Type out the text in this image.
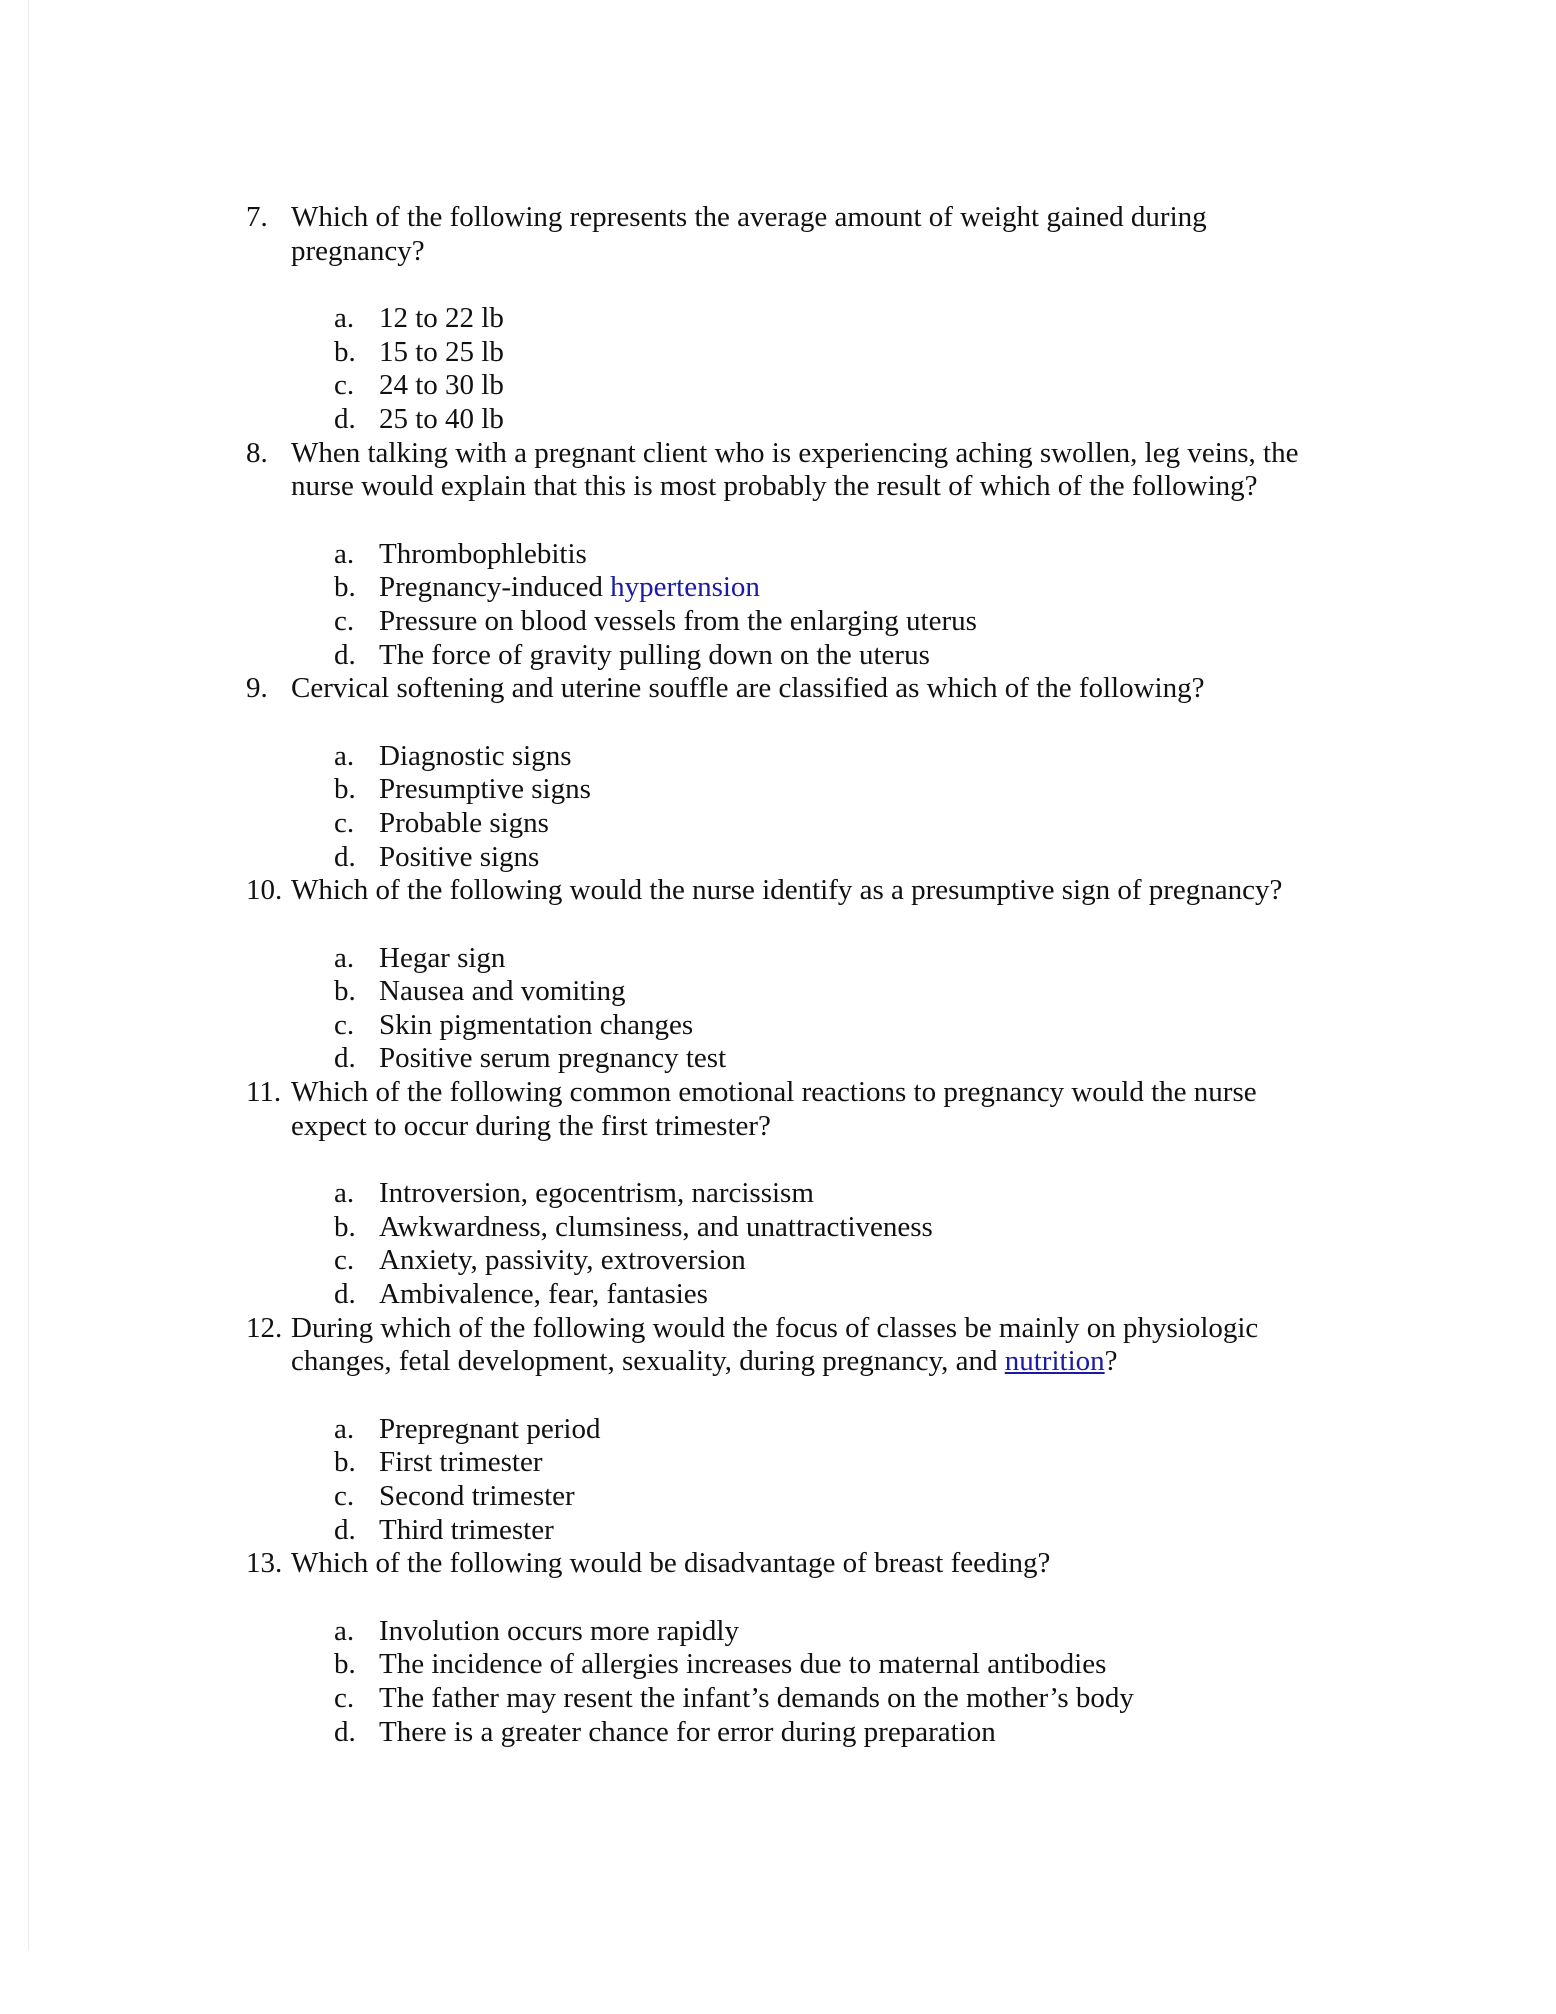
7. Which of the following represents the average amount of weight gained during pregnancy?
a. 12 to 22 lb
b. 15 to 25 lb
c. 24 to 30 lb
d. 25 to 40 lb
8. When talking with a pregnant client who is experiencing aching swollen, leg veins, the nurse would explain that this is most probably the result of which of the following?
a. Thrombophlebitis
b. Pregnancy-induced hypertension
c. Pressure on blood vessels from the enlarging uterus
d. The force of gravity pulling down on the uterus
9. Cervical softening and uterine souffle are classified as which of the following?
a. Diagnostic signs
b. Presumptive signs
c. Probable signs
d. Positive signs
10. Which of the following would the nurse identify as a presumptive sign of pregnancy?
a. Hegar sign
b. Nausea and vomiting
c. Skin pigmentation changes
d. Positive serum pregnancy test
11. Which of the following common emotional reactions to pregnancy would the nurse expect to occur during the first trimester?
a. Introversion, egocentrism, narcissism
b. Awkwardness, clumsiness, and unattractiveness
c. Anxiety, passivity, extroversion
d. Ambivalence, fear, fantasies
12. During which of the following would the focus of classes be mainly on physiologic changes, fetal development, sexuality, during pregnancy, and nutrition?
a. Prepregnant period
b. First trimester
c. Second trimester
d. Third trimester
13. Which of the following would be disadvantage of breast feeding?
a. Involution occurs more rapidly
b. The incidence of allergies increases due to maternal antibodies
c. The father may resent the infant’s demands on the mother’s body
d. There is a greater chance for error during preparation
